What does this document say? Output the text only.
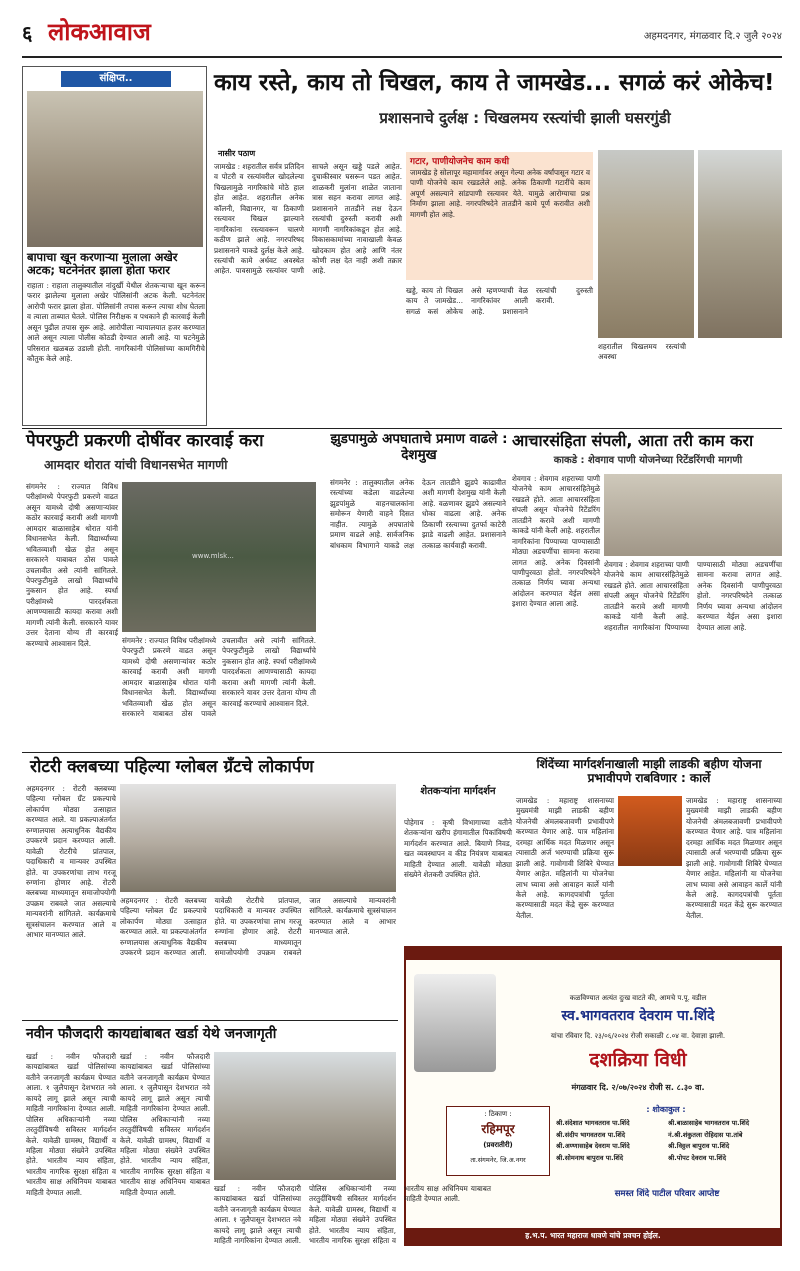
६ लोकआवाज	अहमदनगर, मंगळवार दि.२ जुलै २०२४
संक्षिप्त..
बापाचा खून करणाऱ्या मुलाला अखेर अटक; घटनेनंतर झाला होता फरार
राहाता : राहाता तालुक्यातील नांदुर्खी येथील शेतकऱ्याचा खून करून फरार झालेल्या मुलाला अखेर पोलिसांनी अटक केली. घटनेनंतर आरोपी फरार झाला होता. पोलिसांनी तपास करून त्याचा शोध घेतला व त्याला ताब्यात घेतले. पोलिस निरीक्षक व पथकाने ही कारवाई केली असून पुढील तपास सुरू आहे. आरोपीला न्यायालयात हजर करण्यात आले असून त्याला पोलीस कोठडी देण्यात आली आहे. या घटनेमुळे परिसरात खळबळ उडाली होती. नागरिकांनी पोलिसांच्या कामगिरीचे कौतुक केले आहे.
काय रस्ते, काय तो चिखल, काय ते जामखेड... सगळं करं ओकेच!
प्रशासनाचे दुर्लक्ष : चिखलमय रस्त्यांची झाली घसरगुंडी
नासीर पठाण
जामखेड : शहरातील सर्वत्र प्रतिदिन व पोटरी व रस्त्यांवरील खोदलेल्या चिखलामुळे नागरिकांचे मोठे हाल होत आहेत. शहरातील अनेक कॉलनी, विद्यानगर, या ठिकाणी रस्त्यावर चिखल झाल्याने नागरिकांना रस्त्यावरून चालणे कठीण झाले आहे. नगरपरिषद प्रशासनाने याकडे दुर्लक्ष केले आहे. रस्त्यांची कामे अर्धवट अवस्थेत आहेत. पावसामुळे रस्त्यांवर पाणी साचले असून खड्डे पडले आहेत. दुचाकीस्वार घसरून पडत आहेत. शाळकरी मुलांना शाळेत जाताना त्रास सहन करावा लागत आहे. प्रशासनाने तातडीने लक्ष देऊन रस्त्यांची दुरुस्ती करावी अशी मागणी नागरिकांकडून होत आहे. विकासकामांच्या नावाखाली केवळ खोदकाम होत आहे आणि नंतर कोणी लक्ष देत नाही अशी तक्रार आहे.
गटार, पाणीयोजनेच काम कधी
जामखेड हे सोलापूर महामार्गावर असून गेल्या अनेक वर्षांपासून गटार व पाणी योजनेचे काम रखडलेले आहे. अनेक ठिकाणी गटारींचे काम अपूर्ण असल्याने सांडपाणी रस्त्यावर येते. यामुळे आरोग्याचा प्रश्न निर्माण झाला आहे. नगरपरिषदेने तातडीने कामे पूर्ण करावीत अशी मागणी होत आहे.
खड्डे, काय तो चिखल काय ते जामखेड... सगळं कसं ओकेच असे म्हणण्याची वेळ नागरिकांवर आली आहे. प्रशासनाने रस्त्यांची दुरुस्ती करावी.
शहरातील चिखलमय रस्त्यांची अवस्था
पेपरफुटी प्रकरणी दोषींवर कारवाई करा
आमदार थोरात यांची विधानसभेत मागणी
संगमनेर : राज्यात विविध परीक्षांमध्ये पेपरफुटी प्रकरणे वाढत असून यामध्ये दोषी असणाऱ्यांवर कठोर कारवाई करावी अशी मागणी आमदार बाळासाहेब थोरात यांनी विधानसभेत केली. विद्यार्थ्यांच्या भवितव्याशी खेळ होत असून सरकारने याबाबत ठोस पावले उचलावीत असे त्यांनी सांगितले. पेपरफुटीमुळे लाखो विद्यार्थ्यांचे नुकसान होत आहे. स्पर्धा परीक्षांमध्ये पारदर्शकता आणण्यासाठी कायदा करावा अशी मागणी त्यांनी केली. सरकारने यावर उत्तर देताना योग्य ती कारवाई करण्याचे आश्वासन दिले.
www.mlsk...
संगमनेर : राज्यात विविध परीक्षांमध्ये पेपरफुटी प्रकरणे वाढत असून यामध्ये दोषी असणाऱ्यांवर कठोर कारवाई करावी अशी मागणी आमदार बाळासाहेब थोरात यांनी विधानसभेत केली. विद्यार्थ्यांच्या भवितव्याशी खेळ होत असून सरकारने याबाबत ठोस पावले उचलावीत असे त्यांनी सांगितले. पेपरफुटीमुळे लाखो विद्यार्थ्यांचे नुकसान होत आहे. स्पर्धा परीक्षांमध्ये पारदर्शकता आणण्यासाठी कायदा करावा अशी मागणी त्यांनी केली. सरकारने यावर उत्तर देताना योग्य ती कारवाई करण्याचे आश्वासन दिले.
झुडपामुळे अपघाताचे प्रमाण वाढले : देशमुख
संगमनेर : तालुक्यातील अनेक रस्त्यांच्या कडेला वाढलेल्या झुडपांमुळे वाहनचालकांना समोरून येणारी वाहने दिसत नाहीत. त्यामुळे अपघातांचे प्रमाण वाढले आहे. सार्वजनिक बांधकाम विभागाने याकडे लक्ष देऊन तातडीने झुडपे काढावीत अशी मागणी देशमुख यांनी केली आहे. वळणावर झुडपे असल्याने धोका वाढला आहे. अनेक ठिकाणी रस्त्याच्या दुतर्फा काटेरी झाडे वाढली आहेत. प्रशासनाने तत्काळ कार्यवाही करावी.
आचारसंहिता संपली, आता तरी काम करा
काकडे : शेवगाव पाणी योजनेच्या रिटेंडरिंगची मागणी
शेवगाव : शेवगाव शहराच्या पाणी योजनेचे काम आचारसंहितेमुळे रखडले होते. आता आचारसंहिता संपली असून योजनेचे रिटेंडरिंग तातडीने करावे अशी मागणी काकडे यांनी केली आहे. शहरातील नागरिकांना पिण्याच्या पाण्यासाठी मोठ्या अडचणींचा सामना करावा लागत आहे. अनेक दिवसांनी पाणीपुरवठा होतो. नगरपरिषदेने तत्काळ निर्णय घ्यावा अन्यथा आंदोलन करण्यात येईल असा इशारा देण्यात आला आहे.
शेवगाव : शेवगाव शहराच्या पाणी योजनेचे काम आचारसंहितेमुळे रखडले होते. आता आचारसंहिता संपली असून योजनेचे रिटेंडरिंग तातडीने करावे अशी मागणी काकडे यांनी केली आहे. शहरातील नागरिकांना पिण्याच्या पाण्यासाठी मोठ्या अडचणींचा सामना करावा लागत आहे. अनेक दिवसांनी पाणीपुरवठा होतो. नगरपरिषदेने तत्काळ निर्णय घ्यावा अन्यथा आंदोलन करण्यात येईल असा इशारा देण्यात आला आहे.
रोटरी क्लबच्या पहिल्या ग्लोबल ग्रँटचे लोकार्पण
अहमदनगर : रोटरी क्लबच्या पहिल्या ग्लोबल ग्रँट प्रकल्पाचे लोकार्पण मोठ्या उत्साहात करण्यात आले. या प्रकल्पाअंतर्गत रुग्णालयास अत्याधुनिक वैद्यकीय उपकरणे प्रदान करण्यात आली. यावेळी रोटरीचे प्रांतपाल, पदाधिकारी व मान्यवर उपस्थित होते. या उपकरणांचा लाभ गरजू रुग्णांना होणार आहे. रोटरी क्लबच्या माध्यमातून समाजोपयोगी उपक्रम राबवले जात असल्याचे मान्यवरांनी सांगितले. कार्यक्रमाचे सूत्रसंचालन करण्यात आले व आभार मानण्यात आले.
अहमदनगर : रोटरी क्लबच्या पहिल्या ग्लोबल ग्रँट प्रकल्पाचे लोकार्पण मोठ्या उत्साहात करण्यात आले. या प्रकल्पाअंतर्गत रुग्णालयास अत्याधुनिक वैद्यकीय उपकरणे प्रदान करण्यात आली. यावेळी रोटरीचे प्रांतपाल, पदाधिकारी व मान्यवर उपस्थित होते. या उपकरणांचा लाभ गरजू रुग्णांना होणार आहे. रोटरी क्लबच्या माध्यमातून समाजोपयोगी उपक्रम राबवले जात असल्याचे मान्यवरांनी सांगितले. कार्यक्रमाचे सूत्रसंचालन करण्यात आले व आभार मानण्यात आले.
शेतकऱ्यांना मार्गदर्शन
पोहेगाव : कृषी विभागाच्या वतीने शेतकऱ्यांना खरीप हंगामातील पिकांविषयी मार्गदर्शन करण्यात आले. बियाणे निवड, खत व्यवस्थापन व कीड नियंत्रण याबाबत माहिती देण्यात आली. यावेळी मोठ्या संख्येने शेतकरी उपस्थित होते.
शिंदेंच्या मार्गदर्शनाखाली माझी लाडकी बहीण योजना प्रभावीपणे राबविणार : कार्ले
जामखेड : महाराष्ट्र शासनाच्या मुख्यमंत्री माझी लाडकी बहीण योजनेची अंमलबजावणी प्रभावीपणे करण्यात येणार आहे. पात्र महिलांना दरमहा आर्थिक मदत मिळणार असून त्यासाठी अर्ज भरण्याची प्रक्रिया सुरू झाली आहे. गावोगावी शिबिरे घेण्यात येणार आहेत. महिलांनी या योजनेचा लाभ घ्यावा असे आवाहन कार्ले यांनी केले आहे. कागदपत्रांची पूर्तता करण्यासाठी मदत केंद्रे सुरू करण्यात येतील.
जामखेड : महाराष्ट्र शासनाच्या मुख्यमंत्री माझी लाडकी बहीण योजनेची अंमलबजावणी प्रभावीपणे करण्यात येणार आहे. पात्र महिलांना दरमहा आर्थिक मदत मिळणार असून त्यासाठी अर्ज भरण्याची प्रक्रिया सुरू झाली आहे. गावोगावी शिबिरे घेण्यात येणार आहेत. महिलांनी या योजनेचा लाभ घ्यावा असे आवाहन कार्ले यांनी केले आहे. कागदपत्रांची पूर्तता करण्यासाठी मदत केंद्रे सुरू करण्यात येतील.
कळविण्यात अत्यंत दुःख वाटते की, आमचे प.पू. वडील
स्व.भागवतराव देवराम पा.शिंदे
यांचा रविवार दि. २३/०६/२०२४ रोजी सकाळी ८.०४ वा. देवाज्ञा झाली.
दशक्रिया विधी
मंगळवार दि. २/०७/२०२४ रोजी स. ८.३० वा.
: ठिकाण :
रहिमपूर
(प्रवरातीरी)
ता.संगमनेर, जि.अ.नगर
: शोकाकुल :
श्री.संदेशात भागवतराव पा.शिंदे
श्री.संदीप भागवतराव पा.शिंदे
श्री.अण्णासाहेब देवराम पा.शिंदे
श्री.सोमनाथ बापुराव पा.शिंदे
श्री.बाळासाहेब भागवतराव पा.शिंदे
नं.श्री.शंकुतला रोहिदास पा.तांबे
श्री.विठ्ठल बापुराव पा.शिंदे
श्री.पोपट देवराव पा.शिंदे
समस्त शिंदे पाटील परिवार आप्तेष्ट
ह.भ.प. भारत महाराज धावणे यांचे प्रवचन होईल.
नवीन फौजदारी कायद्यांबाबत खर्डा येथे जनजागृती
खर्डा : नवीन फौजदारी कायद्यांबाबत खर्डा पोलिसांच्या वतीने जनजागृती कार्यक्रम घेण्यात आला. १ जुलैपासून देशभरात नवे कायदे लागू झाले असून त्याची माहिती नागरिकांना देण्यात आली. पोलिस अधिकाऱ्यांनी नव्या तरतुदींविषयी सविस्तर मार्गदर्शन केले. यावेळी ग्रामस्थ, विद्यार्थी व महिला मोठ्या संख्येने उपस्थित होते. भारतीय न्याय संहिता, भारतीय नागरिक सुरक्षा संहिता व भारतीय साक्ष अधिनियम याबाबत माहिती देण्यात आली.
खर्डा : नवीन फौजदारी कायद्यांबाबत खर्डा पोलिसांच्या वतीने जनजागृती कार्यक्रम घेण्यात आला. १ जुलैपासून देशभरात नवे कायदे लागू झाले असून त्याची माहिती नागरिकांना देण्यात आली. पोलिस अधिकाऱ्यांनी नव्या तरतुदींविषयी सविस्तर मार्गदर्शन केले. यावेळी ग्रामस्थ, विद्यार्थी व महिला मोठ्या संख्येने उपस्थित होते. भारतीय न्याय संहिता, भारतीय नागरिक सुरक्षा संहिता व भारतीय साक्ष अधिनियम याबाबत माहिती देण्यात आली.	खर्डा : नवीन फौजदारी कायद्यांबाबत खर्डा पोलिसांच्या वतीने जनजागृती कार्यक्रम घेण्यात आला. १ जुलैपासून देशभरात नवे कायदे लागू झाले असून त्याची माहिती नागरिकांना देण्यात आली. पोलिस अधिकाऱ्यांनी नव्या तरतुदींविषयी सविस्तर मार्गदर्शन केले. यावेळी ग्रामस्थ, विद्यार्थी व महिला मोठ्या संख्येने उपस्थित होते. भारतीय न्याय संहिता, भारतीय नागरिक सुरक्षा संहिता व
